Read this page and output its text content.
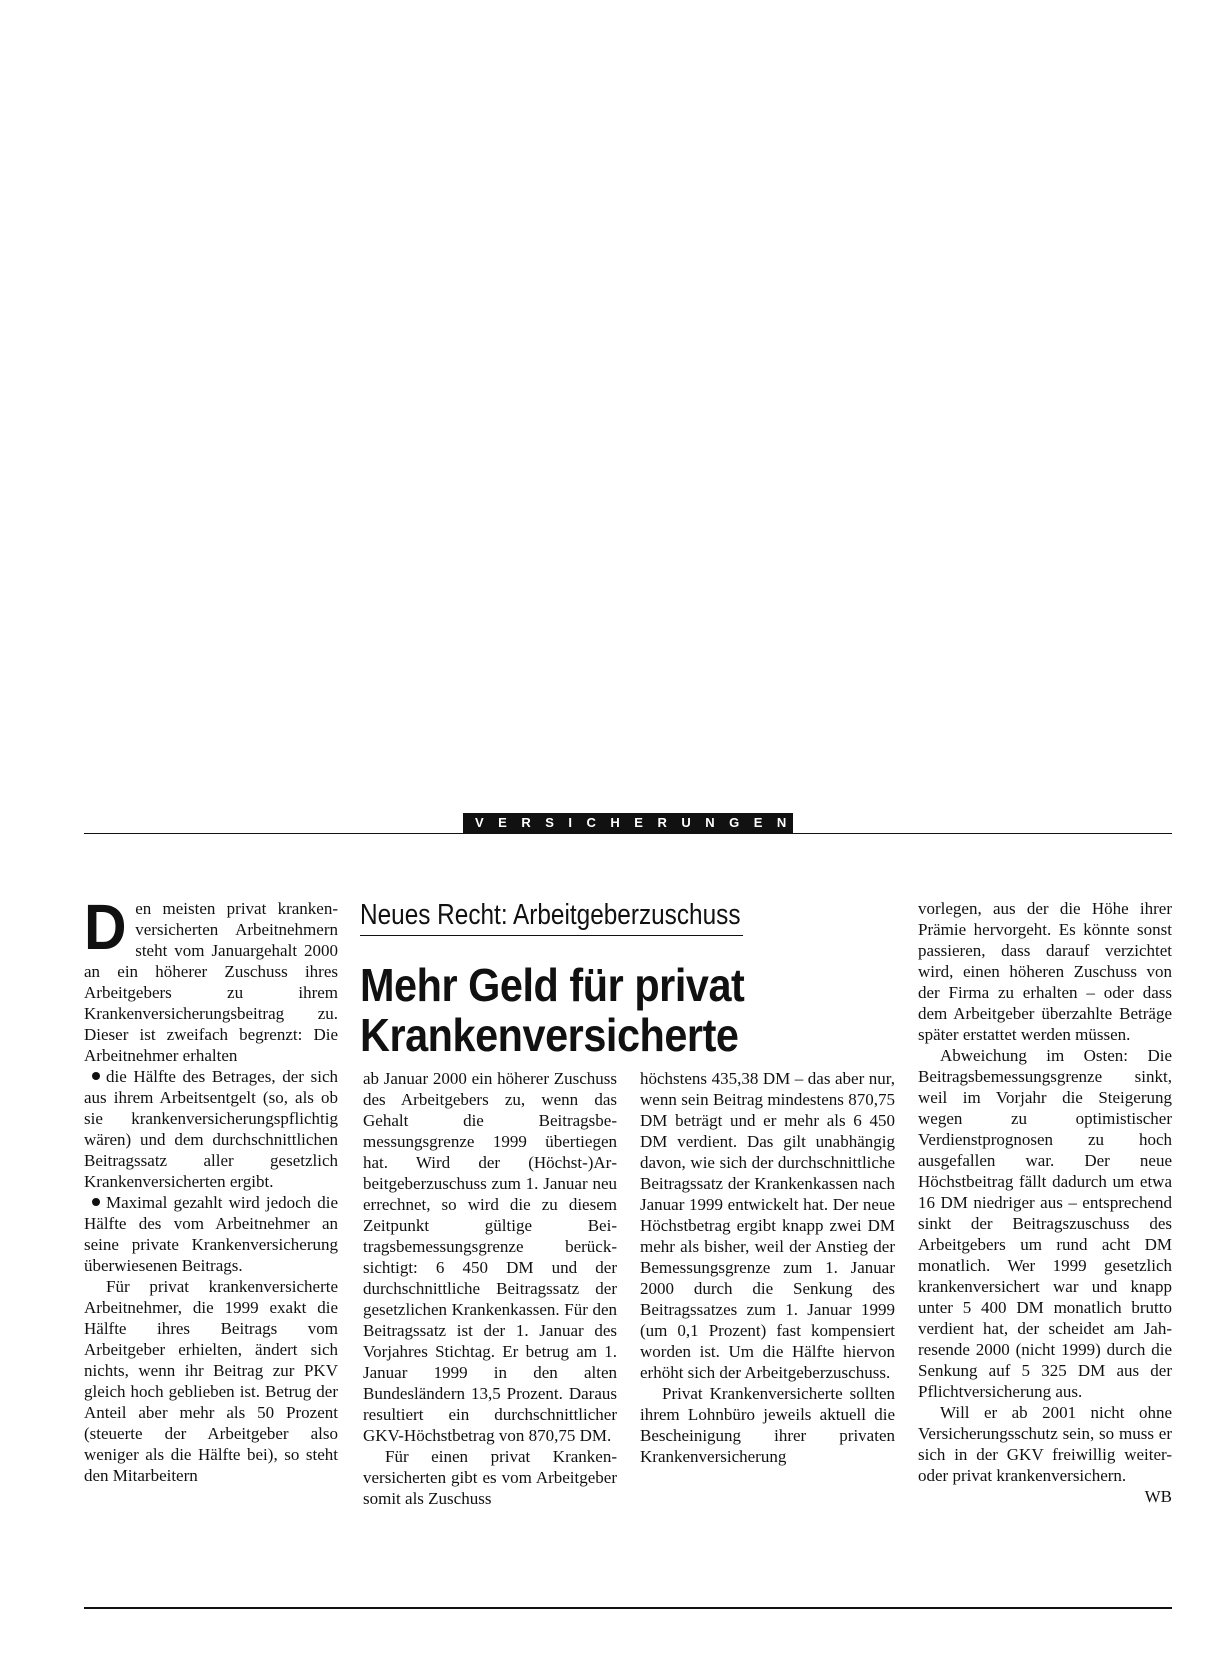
VERSICHERUNGEN

Den meisten privat krankenversicherten Arbeitnehmern steht vom Januargehalt 2000 an ein höherer Zuschuss ihres Arbeitgebers zu ihrem Krankenversicherungsbeitrag zu. Dieser ist zweifach begrenzt: Die Arbeitnehmer erhalten

die Hälfte des Betrages, der sich aus ihrem Arbeitsentgelt (so, als ob sie krankenversicherungspflichtig wären) und dem durchschnittlichen Beitragssatz aller gesetzlich Krankenversicherten ergibt.

Maximal gezahlt wird jedoch die Hälfte des vom Arbeitnehmer an seine private Krankenversicherung überwiesenen Beitrags.

Für privat krankenversicherte Arbeitnehmer, die 1999 exakt die Hälfte ihres Beitrags vom Arbeitgeber erhielten, ändert sich nichts, wenn ihr Beitrag zur PKV gleich hoch geblieben ist. Betrug der Anteil aber mehr als 50 Prozent (steuerte der Arbeitgeber also weniger als die Hälfte bei), so steht den Mitarbeitern

Neues Recht: Arbeitgeberzuschuss
Mehr Geld für privat
Krankenversicherte

ab Januar 2000 ein höherer Zuschuss des Arbeitgebers zu, wenn das Gehalt die Beitragsbemessungsgrenze 1999 übertiegen hat. Wird der (Höchst-)Arbeitgeberzuschuss zum 1. Januar neu errechnet, so wird die zu diesem Zeitpunkt gültige Beitragsbemessungsgrenze berücksichtigt: 6 450 DM und der durchschnittliche Beitragssatz der gesetzlichen Krankenkassen. Für den Beitragssatz ist der 1. Januar des Vorjahres Stichtag. Er betrug am 1. Januar 1999 in den alten Bundesländern 13,5 Prozent. Daraus resultiert ein durchschnittlicher GKV-Höchstbetrag von 870,75 DM.

Für einen privat Krankenversicherten gibt es vom Arbeitgeber somit als Zuschuss

höchstens 435,38 DM – das aber nur, wenn sein Beitrag mindestens 870,75 DM beträgt und er mehr als 6 450 DM verdient. Das gilt unabhängig davon, wie sich der durchschnittliche Beitragssatz der Krankenkassen nach Januar 1999 entwickelt hat. Der neue Höchstbetrag ergibt knapp zwei DM mehr als bisher, weil der Anstieg der Bemessungsgrenze zum 1. Januar 2000 durch die Senkung des Beitragssatzes zum 1. Januar 1999 (um 0,1 Prozent) fast kompensiert worden ist. Um die Hälfte hiervon erhöht sich der Arbeitgeberzuschuss.

Privat Krankenversicherte sollten ihrem Lohnbüro jeweils aktuell die Bescheinigung ihrer privaten Krankenversicherung

vorlegen, aus der die Höhe ihrer Prämie hervorgeht. Es könnte sonst passieren, dass darauf verzichtet wird, einen höheren Zuschuss von der Firma zu erhalten – oder dass dem Arbeitgeber überzahlte Beträge später erstattet werden müssen.

Abweichung im Osten: Die Beitragsbemessungsgrenze sinkt, weil im Vorjahr die Steigerung wegen zu optimistischer Verdienstprognosen zu hoch ausgefallen war. Der neue Höchstbeitrag fällt dadurch um etwa 16 DM niedriger aus – entsprechend sinkt der Beitragszuschuss des Arbeitgebers um rund acht DM monatlich. Wer 1999 gesetzlich krankenversichert war und knapp unter 5 400 DM monatlich brutto verdient hat, der scheidet am Jahresende 2000 (nicht 1999) durch die Senkung auf 5 325 DM aus der Pflichtversicherung aus.

Will er ab 2001 nicht ohne Versicherungsschutz sein, so muss er sich in der GKV freiwillig weiter- oder privat krankenversichern.
WB
